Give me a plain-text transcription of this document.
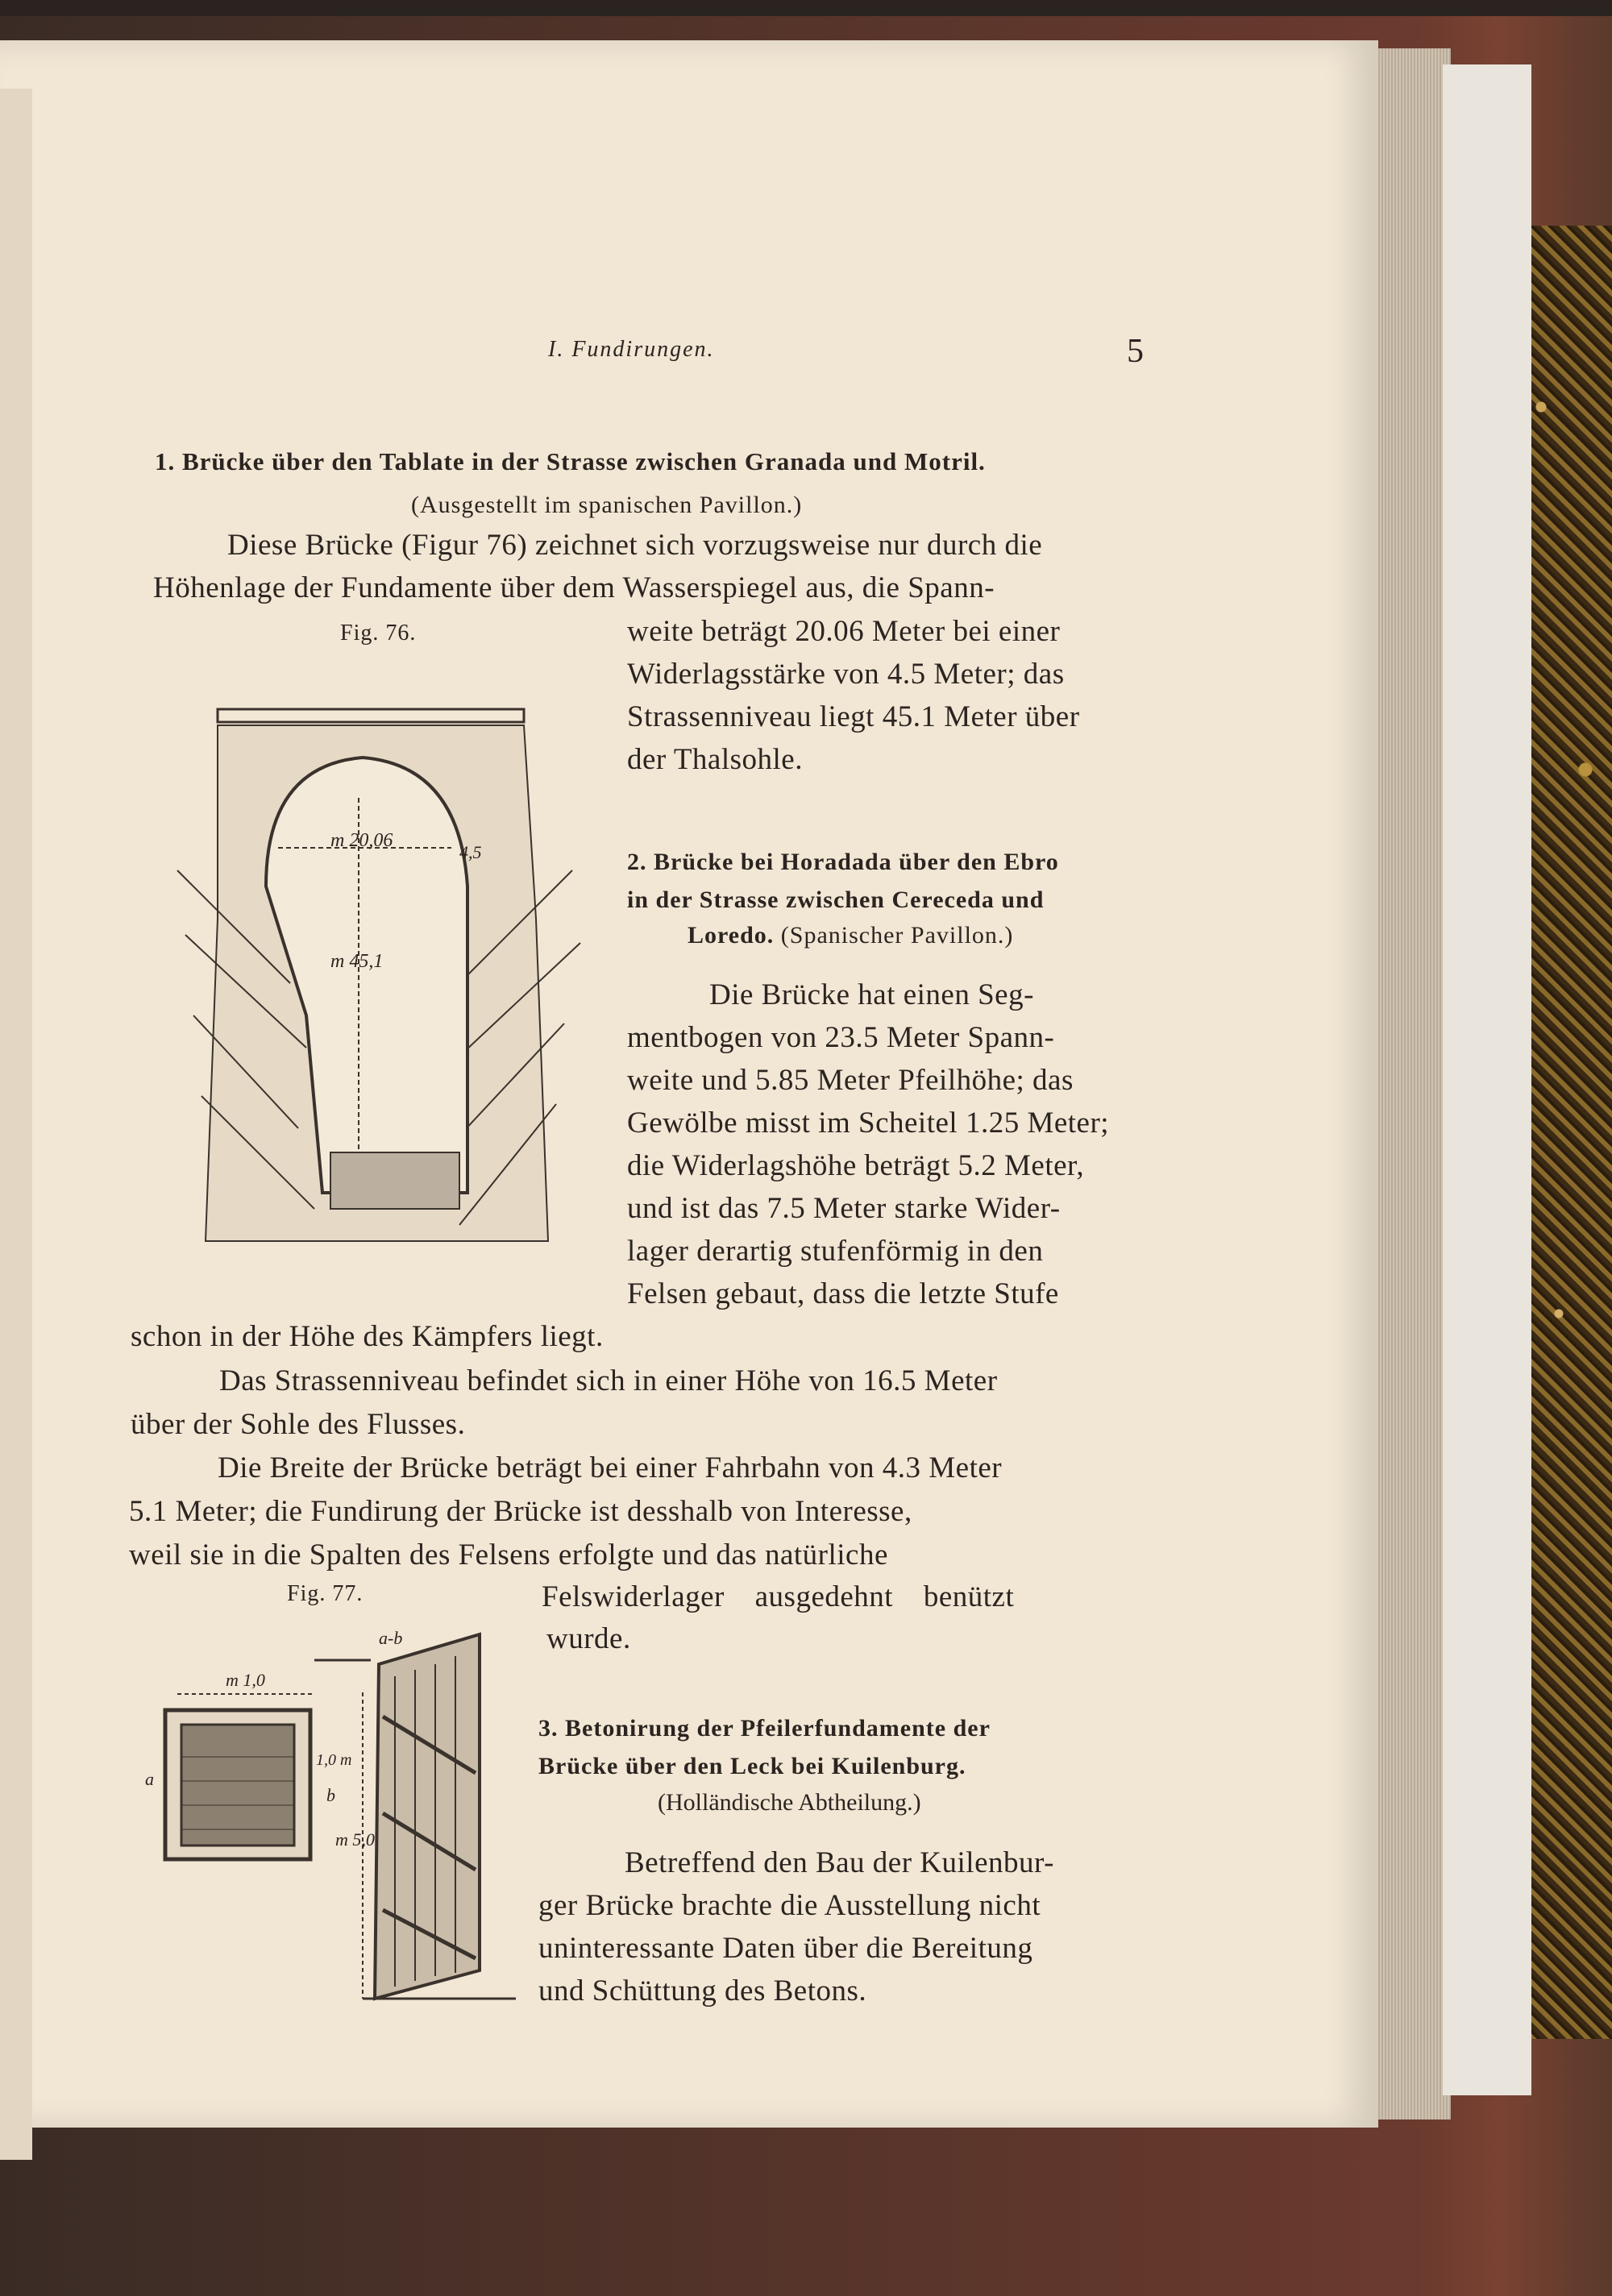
I. Fundirungen.	5
1. Brücke über den Tablate in der Strasse zwischen Granada und Motril.
(Ausgestellt im spanischen Pavillon.)
Diese Brücke (Figur 76) zeichnet sich vorzugsweise nur durch die
Höhenlage der Fundamente über dem Wasserspiegel aus, die Spann-
Fig. 76.	weite beträgt 20.06 Meter bei einer
Widerlagsstärke von 4.5 Meter; das
Strassenniveau liegt 45.1 Meter über
der Thalsohle.
m 20,06
m 45,1
4,5	2. Brücke bei Horadada über den Ebro
in der Strasse zwischen Cereceda und
Loredo. (Spanischer Pavillon.)
Die Brücke hat einen Seg-
mentbogen von 23.5 Meter Spann-
weite und 5.85 Meter Pfeilhöhe; das
Gewölbe misst im Scheitel 1.25 Meter;
die Widerlagshöhe beträgt 5.2 Meter,
und ist das 7.5 Meter starke Wider-
lager derartig stufenförmig in den
Felsen gebaut, dass die letzte Stufe
schon in der Höhe des Kämpfers liegt.
Das Strassenniveau befindet sich in einer Höhe von 16.5 Meter
über der Sohle des Flusses.
Die Breite der Brücke beträgt bei einer Fahrbahn von 4.3 Meter
5.1 Meter; die Fundirung der Brücke ist desshalb von Interesse,
weil sie in die Spalten des Felsens erfolgte und das natürliche
Fig. 77.	Felswiderlager ausgedehnt benützt
wurde.
a-b
m 1,0
a
b
1,0 m
m 5,0
3. Betonirung der Pfeilerfundamente der
Brücke über den Leck bei Kuilenburg.
(Holländische Abtheilung.)
Betreffend den Bau der Kuilenbur-
ger Brücke brachte die Ausstellung nicht
uninteressante Daten über die Bereitung
und Schüttung des Betons.
